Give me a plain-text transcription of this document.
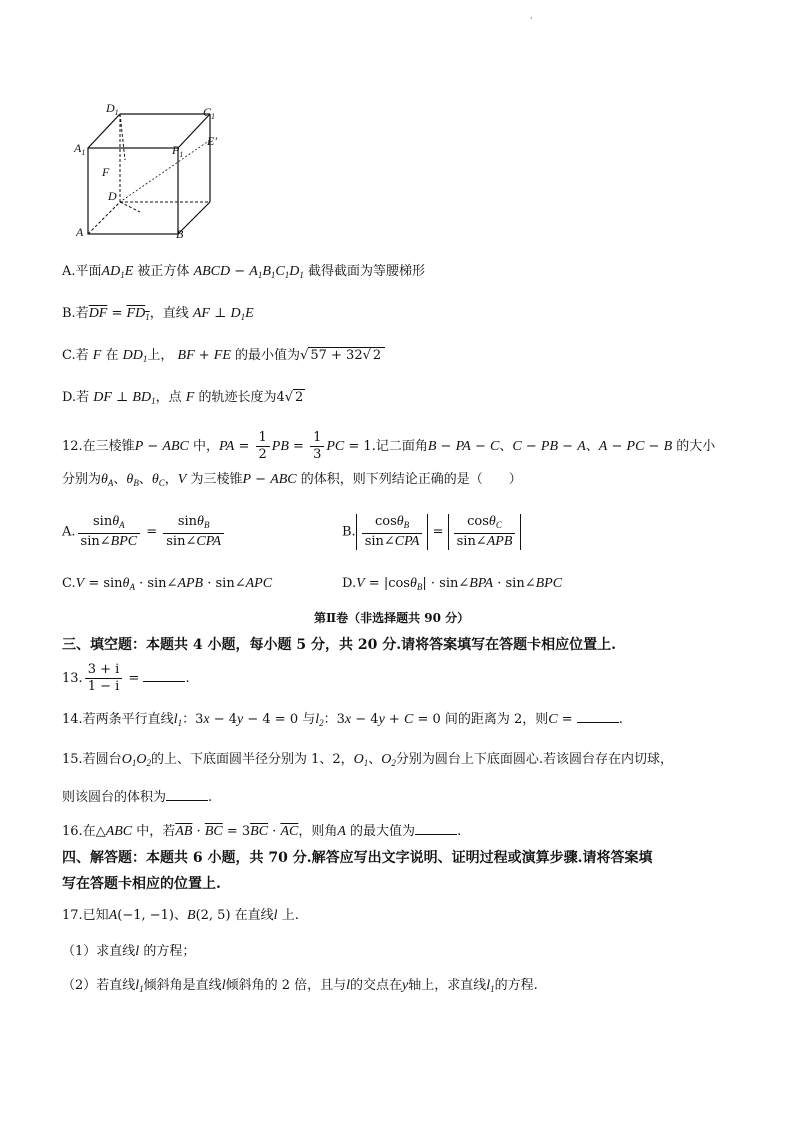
·
$D_1$	$C_1$
E'
$A_1$	$P_1$
F
D
A	B
A.平面$AD_1E$ 被正方体 ABCD − $A_1B_1C_1D_1$ 截得截面为等腰梯形
B.若$\overline{DF} = FD_1$，直线 AF ⊥ $D_1E$
C.若 F 在 $DD_1$上， BF + FE 的最小值为√ 57 + 32√ 2
D.若 DF ⊥ $BD_1$，点 F 的轨迹长度为4√ 2
12.在三棱锥P − ABC 中，PA = $\frac{1}{2}$ PB = $\frac{1}{3}$ PC = 1.记二面角B − PA − C、C − PB − A、A − PC − B 的大小
分别为$\theta_A$、$\theta_B$、$\theta_C$，V 为三棱锥P − ABC 的体积，则下列结论正确的是（　　）
A. $\frac{\sin\theta_A}{\text{sin∠BPC}} = \frac{\sin\theta_B}{\text{sin∠CPA}}$	B. $\frac{\cos\theta_B}{\text{sin∠CPA}} = \frac{\cos\theta_C}{\text{sin∠APB}}$
C.V = sinθ$_A$ · sin∠APB · sin∠APC	D.V = |cosθ$_B$| · sin∠BPA · sin∠BPC
第Ⅱ卷（非选择题共 90 分）
三、填空题：本题共 4 小题，每小题 5 分，共 20 分.请将答案填写在答题卡相应位置上.
13. $\frac{3 + i}{1 - i}$ =	.
14.若两条平行直线$l_1$：3x − 4y − 4 = 0 与$l_2$：3x − 4y + C = 0 间的距离为 2，则C =	.
15.若圆台$O_1O_2$的上、下底面圆半径分别为 1、2，$O_1$、$O_2$分别为圆台上下底面圆心.若该圆台存在内切球，
则该圆台的体积为	.
16.在△ABC 中，若$\overline{AB} \cdot \overline{BC} = 3\overline{BC} \cdot \overline{AC}$，则角A 的最大值为	.
四、解答题：本题共 6 小题，共 70 分.解答应写出文字说明、证明过程或演算步骤.请将答案填
写在答题卡相应的位置上.
17.已知A(−1, −1)、B(2, 5) 在直线l 上.
（1）求直线l 的方程；
（2）若直线$l_1$倾斜角是直线l倾斜角的 2 倍，且与l的交点在y轴上，求直线$l_1$的方程.
